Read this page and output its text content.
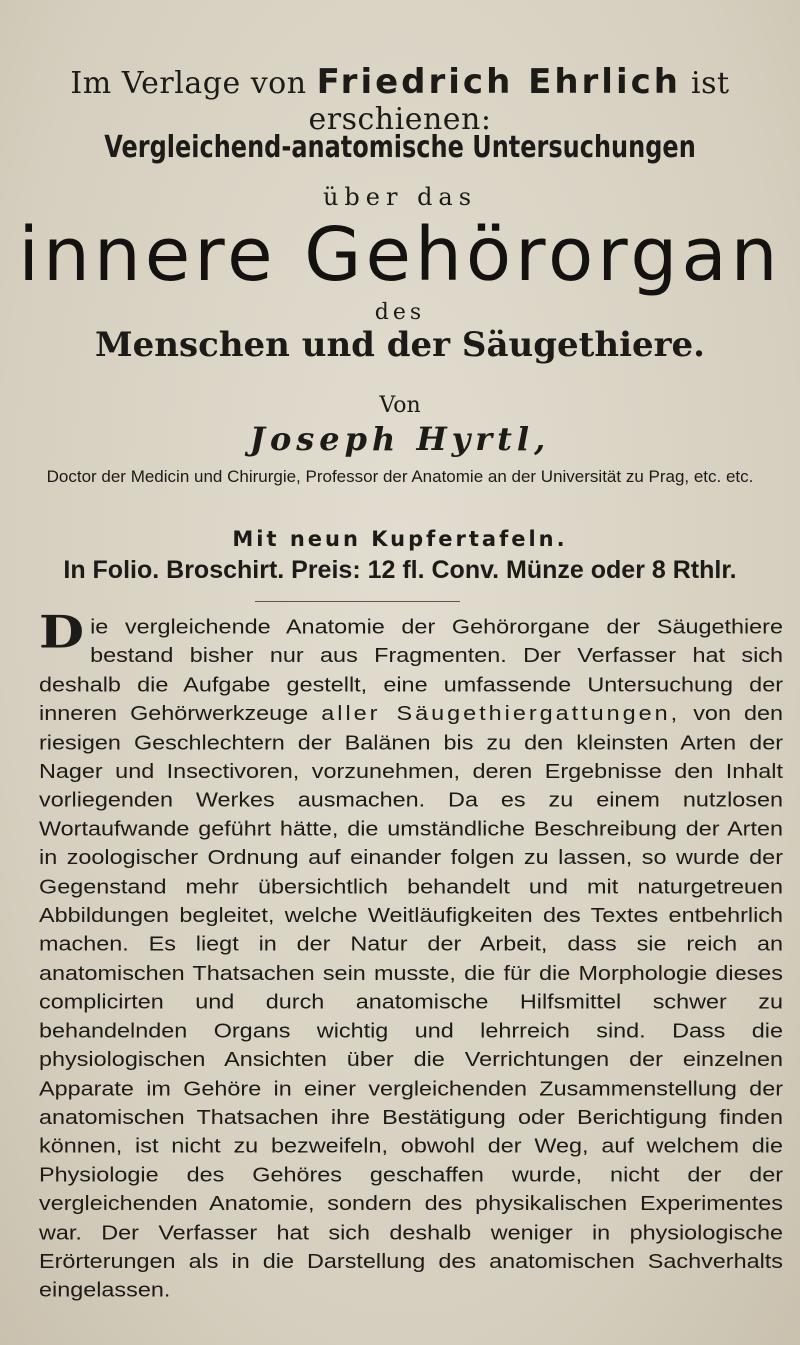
Im Verlage von Friedrich Ehrlich ist erschienen:
Vergleichend-anatomische Untersuchungen
über das
innere Gehörorgan
des
Menschen und der Säugethiere.
Von
Joseph Hyrtl,
Doctor der Medicin und Chirurgie, Professor der Anatomie an der Universität zu Prag, etc. etc.
Mit neun Kupfertafeln.
In Folio. Broschirt. Preis: 12 fl. Conv. Münze oder 8 Rthlr.
Die vergleichende Anatomie der Gehörorgane der Säugethiere bestand bisher nur aus Fragmenten. Der Verfasser hat sich deshalb die Aufgabe gestellt, eine umfassende Untersuchung der inneren Gehörwerkzeuge aller Säugethiergattungen, von den riesigen Geschlechtern der Balänen bis zu den kleinsten Arten der Nager und Insectivoren, vorzunehmen, deren Ergebnisse den Inhalt vorliegenden Werkes ausmachen. Da es zu einem nutzlosen Wortaufwande geführt hätte, die umständliche Beschreibung der Arten in zoologischer Ordnung auf einander folgen zu lassen, so wurde der Gegenstand mehr übersichtlich behandelt und mit naturgetreuen Abbildungen begleitet, welche Weitläufigkeiten des Textes entbehrlich machen. Es liegt in der Natur der Arbeit, dass sie reich an anatomischen Thatsachen sein musste, die für die Morphologie dieses complicirten und durch anatomische Hilfsmittel schwer zu behandelnden Organs wichtig und lehrreich sind. Dass die physiologischen Ansichten über die Verrichtungen der einzelnen Apparate im Gehöre in einer vergleichenden Zusammenstellung der anatomischen Thatsachen ihre Bestätigung oder Berichtigung finden können, ist nicht zu bezweifeln, obwohl der Weg, auf welchem die Physiologie des Gehöres geschaffen wurde, nicht der der vergleichenden Anatomie, sondern des physikalischen Experimentes war. Der Verfasser hat sich deshalb weniger in physiologische Erörterungen als in die Darstellung des anatomischen Sachverhalts eingelassen.
